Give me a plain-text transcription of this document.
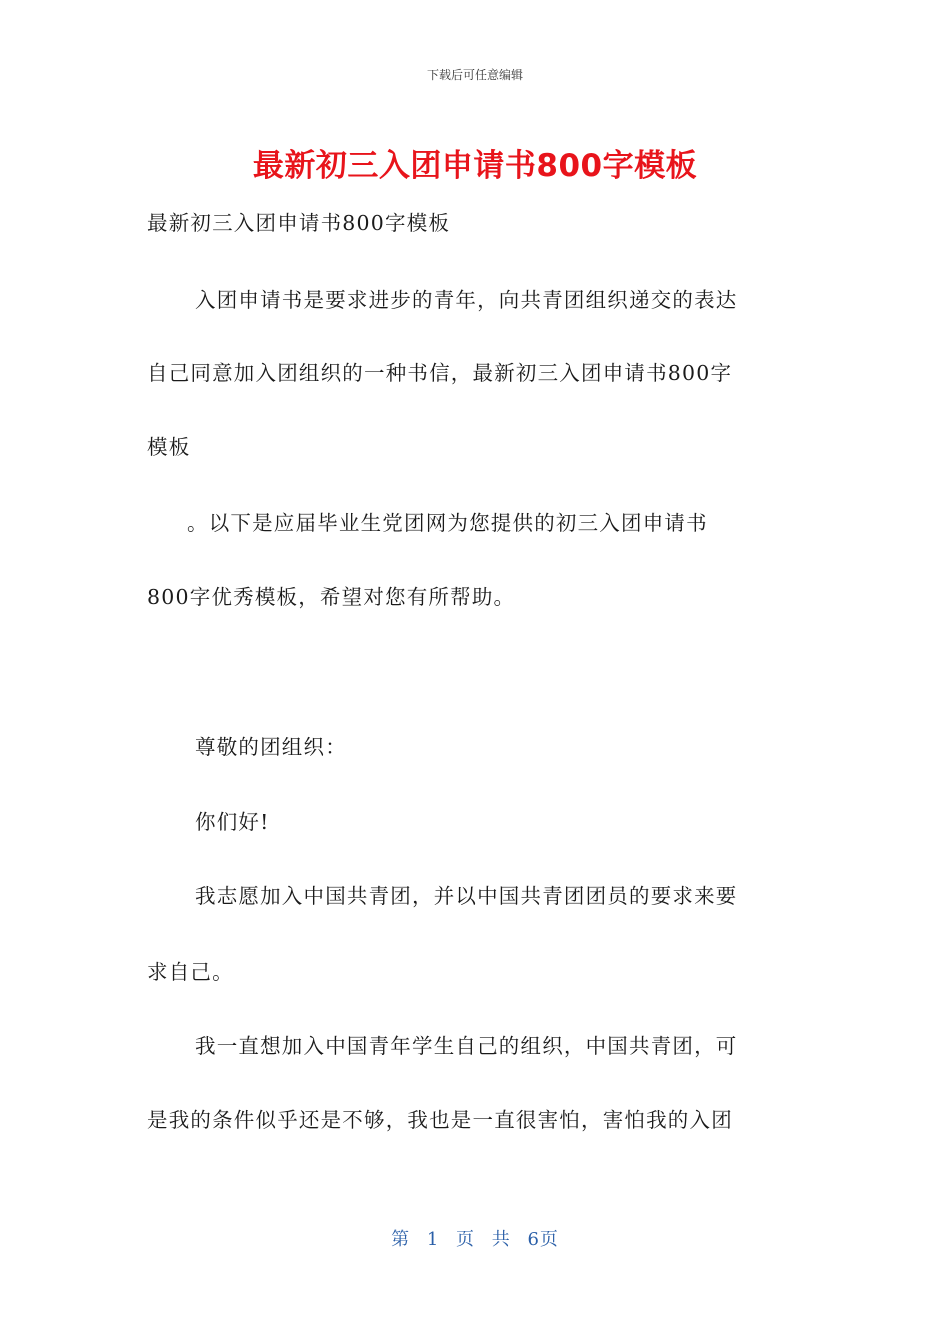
下载后可任意编辑
最新初三入团申请书800字模板
最新初三入团申请书800字模板
入团申请书是要求进步的青年，向共青团组织递交的表达
自己同意加入团组织的一种书信，最新初三入团申请书800字
模板
。以下是应届毕业生党团网为您提供的初三入团申请书
800字优秀模板，希望对您有所帮助。
尊敬的团组织：
你们好!
我志愿加入中国共青团，并以中国共青团团员的要求来要
求自己。
我一直想加入中国青年学生自己的组织，中国共青团，可
是我的条件似乎还是不够，我也是一直很害怕，害怕我的入团
第 1 页 共 6页
